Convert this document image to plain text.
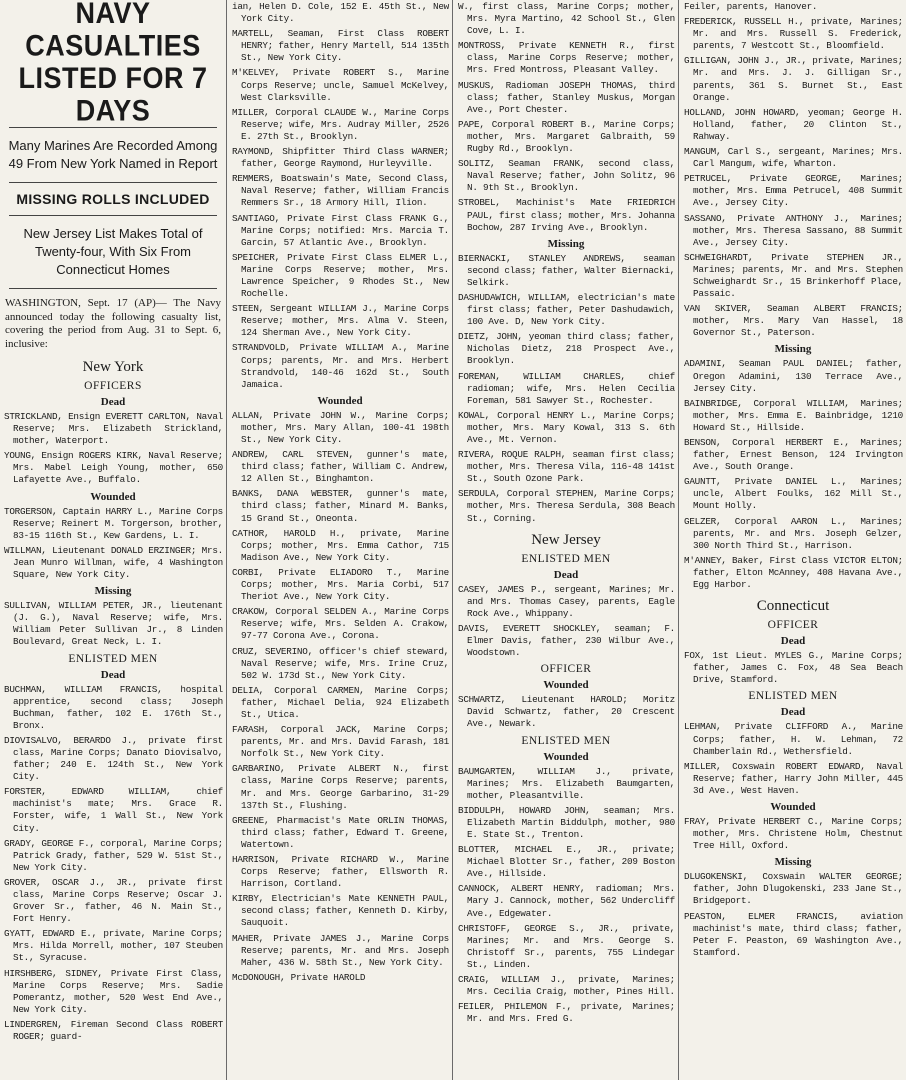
NAVY CASUALTIES
LISTED FOR 7 DAYS
Many Marines Are Recorded Among 49 From New York Named in Report
MISSING ROLLS INCLUDED
New Jersey List Makes Total of Twenty-four, With Six From Connecticut Homes
WASHINGTON, Sept. 17 (AP)— The Navy announced today the following casualty list, covering the period from Aug. 31 to Sept. 6, inclusive:
New York
OFFICERS
Dead
STRICKLAND, Ensign EVERETT CARLTON, Naval Reserve; Mrs. Elizabeth Strickland, mother, Waterport.
YOUNG, Ensign ROGERS KIRK, Naval Reserve; Mrs. Mabel Leigh Young, mother, 650 Lafayette Ave., Buffalo.
Wounded
TORGERSON, Captain HARRY L., Marine Corps Reserve; Reinert M. Torgerson, brother, 83-15 116th St., Kew Gardens, L. I.
WILLMAN, Lieutenant DONALD ERZINGER; Mrs. Jean Munro Willman, wife, 4 Washington Square, New York City.
Missing
SULLIVAN, WILLIAM PETER, JR., lieutenant (J. G.), Naval Reserve; wife, Mrs. William Peter Sullivan Jr., 8 Linden Boulevard, Great Neck, L. I.
ENLISTED MEN
Dead
BUCHMAN, WILLIAM FRANCIS, hospital apprentice, second class; Joseph Buchman, father, 102 E. 176th St., Bronx.
DIOVISALVO, BERARDO J., private first class, Marine Corps; Danato Diovisalvo, father; 240 E. 124th St., New York City.
FORSTER, EDWARD WILLIAM, chief machinist's mate; Mrs. Grace R. Forster, wife, 1 Wall St., New York City.
GRADY, GEORGE F., corporal, Marine Corps; Patrick Grady, father, 529 W. 51st St., New York City.
GROVER, OSCAR J., JR., private first class, Marine Corps Reserve; Oscar J. Grover Sr., father, 46 N. Main St., Fort Henry.
GYATT, EDWARD E., private, Marine Corps; Mrs. Hilda Morrell, mother, 107 Steuben St., Syracuse.
HIRSHBERG, SIDNEY, Private First Class, Marine Corps Reserve; Mrs. Sadie Pomerantz, mother, 520 West End Ave., New York City.
LINDERGREN, Fireman Second Class ROBERT ROGER; guard-
ian, Helen D. Cole, 152 E. 45th St., New York City.
MARTELL, Seaman, First Class ROBERT HENRY; father, Henry Martell, 514 135th St., New York City.
M'KELVEY, Private ROBERT S., Marine Corps Reserve; uncle, Samuel McKelvey, West Clarksville.
MILLER, Corporal CLAUDE W., Marine Corps Reserve; wife, Mrs. Audray Miller, 2526 E. 27th St., Brooklyn.
RAYMOND, Shipfitter Third Class WARNER; father, George Raymond, Hurleyville.
REMMERS, Boatswain's Mate, Second Class, Naval Reserve; father, William Francis Remmers Sr., 18 Armory Hill, Ilion.
SANTIAGO, Private First Class FRANK G., Marine Corps; notified: Mrs. Marcia T. Garcin, 57 Atlantic Ave., Brooklyn.
SPEICHER, Private First Class ELMER L., Marine Corps Reserve; mother, Mrs. Lawrence Speicher, 9 Rhodes St., New Rochelle.
STEEN, Sergeant WILLIAM J., Marine Corps Reserve; mother, Mrs. Alma V. Steen, 124 Sherman Ave., New York City.
STRANDVOLD, Private WILLIAM A., Marine Corps; parents, Mr. and Mrs. Herbert Strandvold, 140-46 162d St., South Jamaica.
Wounded
ALLAN, Private JOHN W., Marine Corps; mother, Mrs. Mary Allan, 100-41 198th St., New York City.
ANDREW, CARL STEVEN, gunner's mate, third class; father, William C. Andrew, 12 Allen St., Binghamton.
BANKS, DANA WEBSTER, gunner's mate, third class; father, Minard M. Banks, 15 Grand St., Oneonta.
CATHOR, HAROLD H., private, Marine Corps; mother, Mrs. Emma Cathor, 715 Madison Ave., New York City.
CORBI, Private ELIADORO T., Marine Corps; mother, Mrs. Maria Corbi, 517 Theriot Ave., New York City.
CRAKOW, Corporal SELDEN A., Marine Corps Reserve; wife, Mrs. Selden A. Crakow, 97-77 Corona Ave., Corona.
CRUZ, SEVERINO, officer's chief steward, Naval Reserve; wife, Mrs. Irine Cruz, 502 W. 173d St., New York City.
DELIA, Corporal CARMEN, Marine Corps; father, Michael Delia, 924 Elizabeth St., Utica.
FARASH, Corporal JACK, Marine Corps; parents, Mr. and Mrs. David Farash, 181 Norfolk St., New York City.
GARBARINO, Private ALBERT N., first class, Marine Corps Reserve; parents, Mr. and Mrs. George Garbarino, 31-29 137th St., Flushing.
GREENE, Pharmacist's Mate ORLIN THOMAS, third class; father, Edward T. Greene, Watertown.
HARRISON, Private RICHARD W., Marine Corps Reserve; father, Ellsworth R. Harrison, Cortland.
KIRBY, Electrician's Mate KENNETH PAUL, second class; father, Kenneth D. Kirby, Sauquoit.
MAHER, Private JAMES J., Marine Corps Reserve; parents, Mr. and Mrs. Joseph Maher, 436 W. 58th St., New York City.
McDONOUGH, Private HAROLD
W., first class, Marine Corps; mother, Mrs. Myra Martino, 42 School St., Glen Cove, L. I.
MONTROSS, Private KENNETH R., first class, Marine Corps Reserve; mother, Mrs. Fred Montross, Pleasant Valley.
MUSKUS, Radioman JOSEPH THOMAS, third class; father, Stanley Muskus, Morgan Ave., Port Chester.
PAPE, Corporal ROBERT B., Marine Corps; mother, Mrs. Margaret Galbraith, 59 Rugby Rd., Brooklyn.
SOLITZ, Seaman FRANK, second class, Naval Reserve; father, John Solitz, 96 N. 9th St., Brooklyn.
STROBEL, Machinist's Mate FRIEDRICH PAUL, first class; mother, Mrs. Johanna Bochow, 287 Irving Ave., Brooklyn.
Missing
BIERNACKI, STANLEY ANDREWS, seaman second class; father, Walter Biernacki, Selkirk.
DASHUDAWICH, WILLIAM, electrician's mate first class; father, Peter Dashudawich, 100 Ave. D, New York City.
DIETZ, JOHN, yeoman third class; father, Nicholas Dietz, 218 Prospect Ave., Brooklyn.
FOREMAN, WILLIAM CHARLES, chief radioman; wife, Mrs. Helen Cecilia Foreman, 581 Sawyer St., Rochester.
KOWAL, Corporal HENRY L., Marine Corps; mother, Mrs. Mary Kowal, 313 S. 6th Ave., Mt. Vernon.
RIVERA, ROQUE RALPH, seaman first class; mother, Mrs. Theresa Vila, 116-48 141st St., South Ozone Park.
SERDULA, Corporal STEPHEN, Marine Corps; mother, Mrs. Theresa Serdula, 308 Beach St., Corning.
New Jersey
ENLISTED MEN
Dead
CASEY, JAMES P., sergeant, Marines; Mr. and Mrs. Thomas Casey, parents, Eagle Rock Ave., Whippany.
DAVIS, EVERETT SHOCKLEY, seaman; F. Elmer Davis, father, 230 Wilbur Ave., Woodstown.
OFFICER
Wounded
SCHWARTZ, Lieutenant HAROLD; Moritz David Schwartz, father, 20 Crescent Ave., Newark.
ENLISTED MEN
Wounded
BAUMGARTEN, WILLIAM J., private, Marines; Mrs. Elizabeth Baumgarten, mother, Pleasantville.
BIDDULPH, HOWARD JOHN, seaman; Mrs. Elizabeth Martin Biddulph, mother, 980 E. State St., Trenton.
BLOTTER, MICHAEL E., JR., private; Michael Blotter Sr., father, 209 Boston Ave., Hillside.
CANNOCK, ALBERT HENRY, radioman; Mrs. Mary J. Cannock, mother, 562 Undercliff Ave., Edgewater.
CHRISTOFF, GEORGE S., JR., private, Marines; Mr. and Mrs. George S. Christoff Sr., parents, 755 Lindegar St., Linden.
CRAIG, WILLIAM J., private, Marines; Mrs. Cecilia Craig, mother, Pines Hill.
FEILER, PHILEMON F., private, Marines; Mr. and Mrs. Fred G.
Feiler, parents, Hanover.
FREDERICK, RUSSELL H., private, Marines; Mr. and Mrs. Russell S. Frederick, parents, 7 Westcott St., Bloomfield.
GILLIGAN, JOHN J., JR., private, Marines; Mr. and Mrs. J. J. Gilligan Sr., parents, 361 S. Burnet St., East Orange.
HOLLAND, JOHN HOWARD, yeoman; George H. Holland, father, 20 Clinton St., Rahway.
MANGUM, Carl S., sergeant, Marines; Mrs. Carl Mangum, wife, Wharton.
PETRUCEL, Private GEORGE, Marines; mother, Mrs. Emma Petrucel, 408 Summit Ave., Jersey City.
SASSANO, Private ANTHONY J., Marines; mother, Mrs. Theresa Sassano, 88 Summit Ave., Jersey City.
SCHWEIGHARDT, Private STEPHEN JR., Marines; parents, Mr. and Mrs. Stephen Schweighardt Sr., 15 Brinkerhoff Place, Passaic.
VAN SKIVER, Seaman ALBERT FRANCIS; mother, Mrs. Mary Van Hassel, 18 Governor St., Paterson.
Missing
ADAMINI, Seaman PAUL DANIEL; father, Oregon Adamini, 130 Terrace Ave., Jersey City.
BAINBRIDGE, Corporal WILLIAM, Marines; mother, Mrs. Emma E. Bainbridge, 1210 Howard St., Hillside.
BENSON, Corporal HERBERT E., Marines; father, Ernest Benson, 124 Irvington Ave., South Orange.
GAUNTT, Private DANIEL L., Marines; uncle, Albert Foulks, 162 Mill St., Mount Holly.
GELZER, Corporal AARON L., Marines; parents, Mr. and Mrs. Joseph Gelzer, 300 North Third St., Harrison.
M'ANNEY, Baker, First Class VICTOR ELTON; father, Elton McAnney, 408 Havana Ave., Egg Harbor.
Connecticut
OFFICER
Dead
FOX, 1st Lieut. MYLES G., Marine Corps; father, James C. Fox, 48 Sea Beach Drive, Stamford.
ENLISTED MEN
Dead
LEHMAN, Private CLIFFORD A., Marine Corps; father, H. W. Lehman, 72 Chamberlain Rd., Wethersfield.
MILLER, Coxswain ROBERT EDWARD, Naval Reserve; father, Harry John Miller, 445 3d Ave., West Haven.
Wounded
FRAY, Private HERBERT C., Marine Corps; mother, Mrs. Christene Holm, Chestnut Tree Hill, Oxford.
Missing
DLUGOKENSKI, Coxswain WALTER GEORGE; father, John Dlugokenski, 233 Jane St., Bridgeport.
PEASTON, ELMER FRANCIS, aviation machinist's mate, third class; father, Peter F. Peaston, 69 Washington Ave., Stamford.
